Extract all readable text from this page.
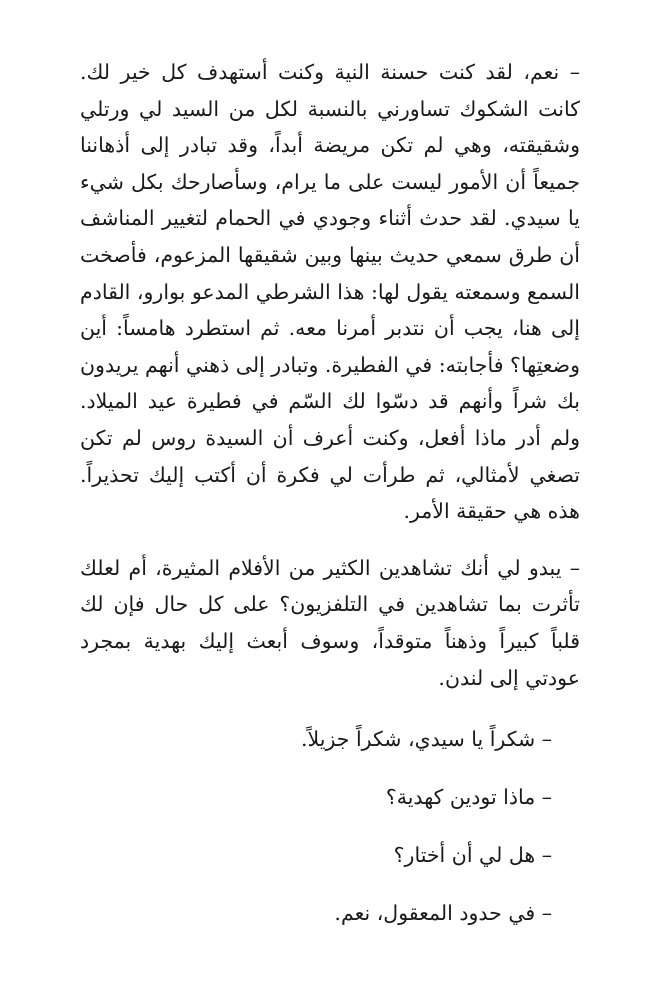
– نعم، لقد كنت حسنة النية وكنت أستهدف كل خير لك. كانت الشكوك تساورني بالنسبة لكل من السيد لي ورتلي وشقيقته، وهي لم تكن مريضة أبداً، وقد تبادر إلى أذهاننا جميعاً أن الأمور ليست على ما يرام، وسأصارحك بكل شيء يا سيدي. لقد حدث أثناء وجودي في الحمام لتغيير المناشف أن طرق سمعي حديث بينها وبين شقيقها المزعوم، فأصخت السمع وسمعته يقول لها: هذا الشرطي المدعو بوارو، القادم إلى هنا، يجب أن نتدبر أمرنا معه. ثم استطرد هامساً: أين وضعتِها؟ فأجابته: في الفطيرة. وتبادر إلى ذهني أنهم يريدون بك شراً وأنهم قد دسّوا لك السّم في فطيرة عيد الميلاد. ولم أدر ماذا أفعل، وكنت أعرف أن السيدة روس لم تكن تصغي لأمثالي، ثم طرأت لي فكرة أن أكتب إليك تحذيراً. هذه هي حقيقة الأمر.

– يبدو لي أنك تشاهدين الكثير من الأفلام المثيرة، أم لعلك تأثرت بما تشاهدين في التلفزيون؟ على كل حال فإن لك قلباً كبيراً وذهناً متوقداً، وسوف أبعث إليك بهدية بمجرد عودتي إلى لندن.

– شكراً يا سيدي، شكراً جزيلاً.
– ماذا تودين كهدية؟
– هل لي أن أختار؟
– في حدود المعقول، نعم.
